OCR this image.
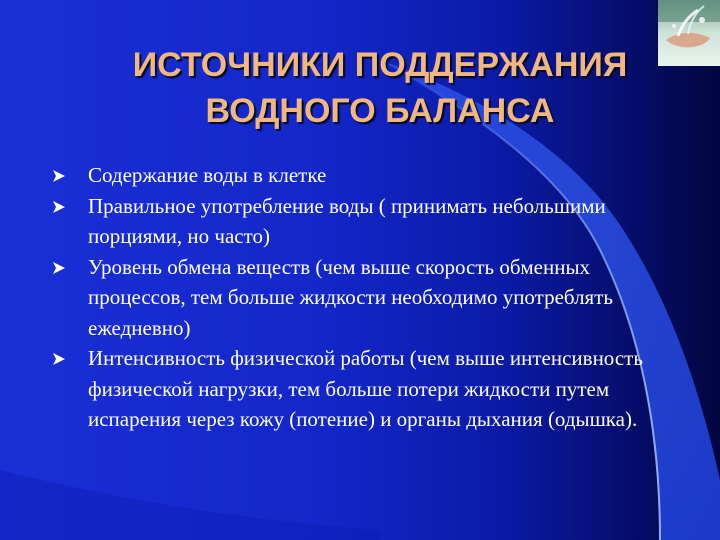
ИСТОЧНИКИ ПОДДЕРЖАНИЯ
ВОДНОГО БАЛАНСА
Содержание воды в клетке
Правильное употребление воды ( принимать небольшими порциями, но часто)
Уровень обмена веществ (чем выше скорость обменных процессов, тем больше жидкости необходимо употреблять ежедневно)
Интенсивность физической работы (чем выше интенсивность физической нагрузки, тем больше потери жидкости путем испарения через кожу (потение) и органы дыхания (одышка).
